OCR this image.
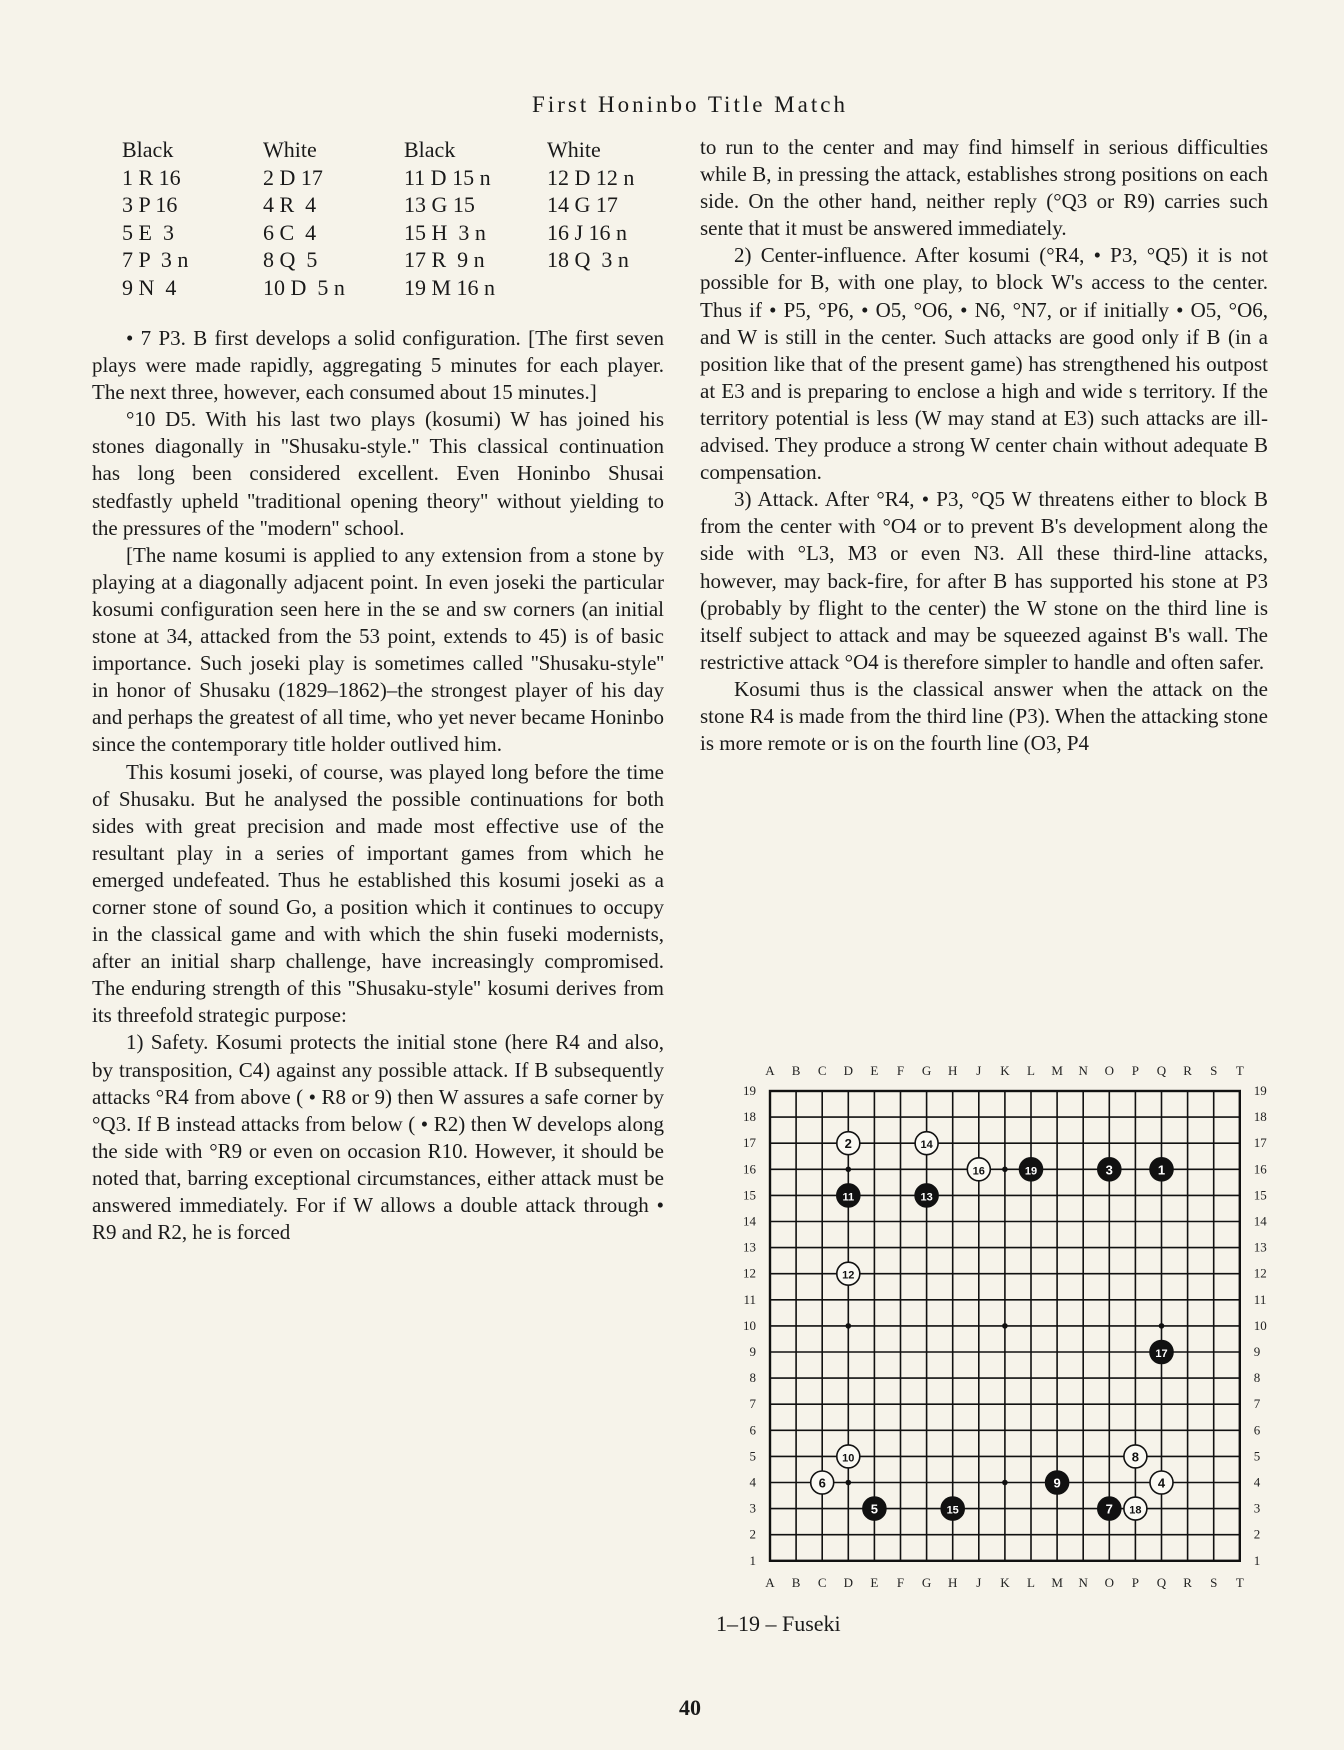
First Honinbo Title Match
Black	White	Black	White
1 R 16	2 D 17	11 D 15 n	12 D 12 n
3 P 16	4 R  4	13 G 15	14 G 17
5 E  3	6 C  4	15 H  3 n	16 J 16 n
7 P  3 n	8 Q  5	17 R  9 n	18 Q  3 n
9 N  4	10 D  5 n	19 M 16 n	

• 7 P3. B first develops a solid configuration. [The first seven plays were made rapidly, aggregating 5 minutes for each player. The next three, however, each consumed about 15 minutes.]

°10 D5. With his last two plays (kosumi) W has joined his stones diagonally in ''Shusaku-style.'' This classical continuation has long been considered excellent. Even Honinbo Shusai stedfastly upheld ''traditional opening theory'' without yielding to the pressures of the ''modern'' school.

[The name kosumi is applied to any extension from a stone by playing at a diagonally adjacent point. In even joseki the particular kosumi configuration seen here in the se and sw corners (an initial stone at 34, attacked from the 53 point, extends to 45) is of basic importance. Such joseki play is sometimes called ''Shusaku-style'' in honor of Shusaku (1829–1862)–the strongest player of his day and perhaps the greatest of all time, who yet never became Honinbo since the contemporary title holder outlived him.

This kosumi joseki, of course, was played long before the time of Shusaku. But he analysed the possible continuations for both sides with great precision and made most effective use of the resultant play in a series of important games from which he emerged undefeated. Thus he established this kosumi joseki as a corner stone of sound Go, a position which it continues to occupy in the classical game and with which the shin fuseki modernists, after an initial sharp challenge, have increasingly compromised. The enduring strength of this ''Shusaku-style'' kosumi derives from its threefold strategic purpose:

1) Safety. Kosumi protects the initial stone (here R4 and also, by transposition, C4) against any possible attack. If B subsequently attacks °R4 from above ( • R8 or 9) then W assures a safe corner by °Q3. If B instead attacks from below ( • R2) then W develops along the side with °R9 or even on occasion R10. However, it should be noted that, barring exceptional circumstances, either attack must be answered immediately. For if W allows a double attack through • R9 and R2, he is forced

to run to the center and may find himself in serious difficulties while B, in pressing the attack, establishes strong positions on each side. On the other hand, neither reply (°Q3 or R9) carries such sente that it must be answered immediately.

2) Center-influence. After kosumi (°R4, • P3, °Q5) it is not possible for B, with one play, to block W's access to the center. Thus if • P5, °P6, • O5, °O6, • N6, °N7, or if initially • O5, °O6, and W is still in the center. Such attacks are good only if B (in a position like that of the present game) has strengthened his outpost at E3 and is preparing to enclose a high and wide s territory. If the territory potential is less (W may stand at E3) such attacks are ill-advised. They produce a strong W center chain without adequate B compensation.

3) Attack. After °R4, • P3, °Q5 W threatens either to block B from the center with °O4 or to prevent B's development along the side with °L3, M3 or even N3. All these third-line attacks, however, may back-fire, for after B has supported his stone at P3 (probably by flight to the center) the W stone on the third line is itself subject to attack and may be squeezed against B's wall. The restrictive attack °O4 is therefore simpler to handle and often safer.

Kosumi thus is the classical answer when the attack on the stone R4 is made from the third line (P3). When the attacking stone is more remote or is on the fourth line (O3, P4

A
A
B
B
C
C
D
D
E
E
F
F
G
G
H
H
J
J
K
K
L
L
M
M
N
N
O
O
P
P
Q
Q
R
R
S
S
T
T
19	19
18	18
17	17
16	16
15	15
14	14
13	13
12	12
11	11
10	10
9	9
8	8
7	7
6	6
5	5
4	4
3	3
2	2
1	1
1
2
3
4
5
6
7
8
9
10
11
12
13
14
15
16
17
18
19
1–19 – Fuseki
40
